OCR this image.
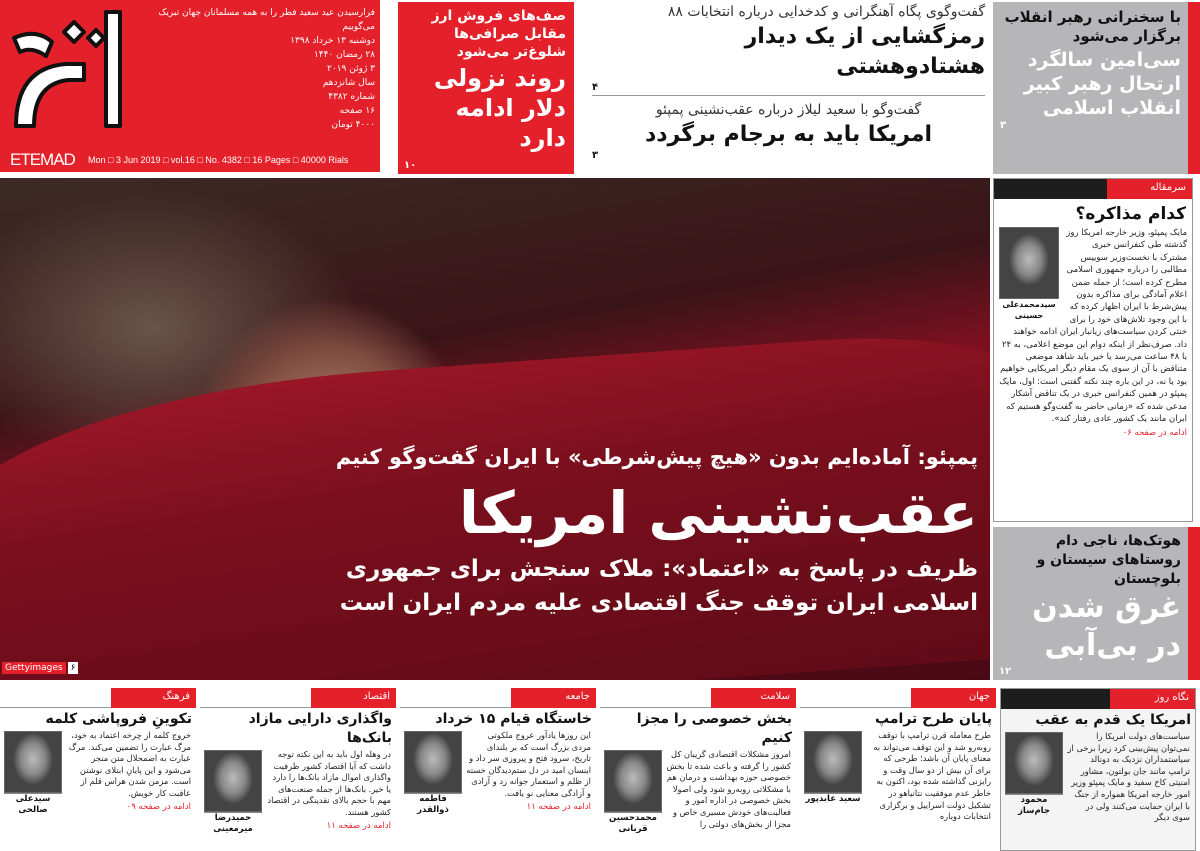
فرارسیدن عید سعید فطر را به همه مسلمانان جهان تبریک می‌گوییم
دوشنبه ۱۳ خرداد ۱۳۹۸
۲۸ رمضان ۱۴۴۰
۳ ژوئن ۲۰۱۹
سال شانزدهم
شماره ۴۳۸۲
۱۶ صفحه
۴۰۰۰ تومان
ETEMAD Mon □ 3 Jun 2019 □ vol.16 □ No. 4382 □ 16 Pages □ 40000 Rials
صف‌های فروش ارز مقابل صرافی‌ها شلوغ‌تر می‌شود
روند نزولی دلار ادامه دارد
۱۰
گفت‌وگوی پگاه آهنگرانی و کدخدایی درباره انتخابات ۸۸
رمزگشایی از یک دیدار هشتادوهشتی
۴
گفت‌وگو با سعید لیلاز درباره عقب‌نشینی پمپئو
امریکا باید به برجام برگردد
۳
با سخنرانی رهبر انقلاب برگزار می‌شود
سی‌امین سالگرد ارتحال رهبر کبیر انقلاب اسلامی
۳
پمپئو: آماده‌ایم بدون «هیچ پیش‌شرطی» با ایران گفت‌وگو کنیم
عقب‌نشینی امریکا
ظریف در پاسخ به «اعتماد»: ملاک سنجش برای جمهوری اسلامی ایران توقف جنگ اقتصادی علیه مردم ایران است
Gettyimages ۶
سرمقاله
کدام مذاکره؟
سیدمحمدعلی حسینی
مایک پمپئو، وزیر خارجه امریکا روز گذشته طی کنفرانس خبری مشترک با نخست‌وزیر سوییس مطالبی را درباره جمهوری اسلامی مطرح کرده است؛ از جمله ضمن اعلام آمادگی برای مذاکره بدون پیش‌شرط با ایران اظهار کرده که با این وجود تلاش‌های خود را برای خنثی کردن سیاست‌های زیانبار ایران ادامه خواهند داد. صرف‌نظر از اینکه دوام این موضع اعلامی، به ۲۴ یا ۴۸ ساعت می‌رسد یا خیر باید شاهد موضعی متناقض با آن از سوی یک مقام دیگر امریکایی خواهیم بود یا نه، در این باره چند نکته گفتنی است: اول، مایک پمپئو در همین کنفرانس خبری در یک تناقض آشکار مدعی شده که «زمانی حاضر به گفت‌وگو هستیم که ایران مانند یک کشور عادی رفتار کند».
ادامه در صفحه ۰۶
هوتک‌ها، ناجی دام روستاهای سیستان و بلوچستان
غرق شدن در بی‌آبی
۱۲
نگاه روز
امریکا یک قدم به عقب
محمود جام‌ساز
سیاست‌های دولت امریکا را نمی‌توان پیش‌بینی کرد زیرا برخی از سیاستمداران نزدیک به دونالد ترامپ مانند جان بولتون، مشاور امنیتی کاخ سفید و مایک پمپئو وزیر امور خارجه امریکا همواره از جنگ با ایران حمایت می‌کنند ولی در سوی دیگر
جهان
پایان طرح ترامپ
سعید عابدپور
طرح معامله قرن ترامپ با توقف روبه‌رو شد و این توقف می‌تواند به معنای پایان آن باشد؛ طرحی که برای آن بیش از دو سال وقت و رایزنی گذاشته شده بود، اکنون به خاطر عدم موفقیت نتانیاهو در تشکیل دولت اسراییل و برگزاری انتخابات دوباره
سلامت
بخش خصوصی را مجزا کنیم
محمدحسین قربانی
امروز مشکلات اقتصادی گریبان کل کشور را گرفته و باعث شده تا بخش خصوصی حوزه بهداشت و درمان هم با مشکلاتی روبه‌رو شود ولی اصولا بخش خصوصی در اداره امور و فعالیت‌های خودش مسیری خاص و مجزا از بخش‌های دولتی را
جامعه
خاستگاه قیام ۱۵ خرداد
فاطمه ذوالقدر
این روزها یادآور عروج ملکوتی مردی بزرگ است که بر بلندای تاریخ، سرود فتح و پیروزی سر داد و اینسان امید در دل ستم‌دیدگان خسته از ظلم و استعمار جوانه زد و آزادی و آزادگی معنایی نو یافت.
ادامه در صفحه ۱۱
اقتصاد
واگذاری دارایی مازاد بانک‌ها
حمیدرضا میرمعینی
در وهله اول باید به این نکته توجه داشت که آیا اقتصاد کشور ظرفیت واگذاری اموال مازاد بانک‌ها را دارد یا خیر. بانک‌ها از جمله صنعت‌های مهم با حجم بالای نقدینگی در اقتصاد کشور هستند.
ادامه در صفحه ۱۱
فرهنگ
تکوینِ فروپاشی کلمه
سیدعلی صالحی
خروج کلمه از چرخه اعتماد به خود، مرگ عبارت را تضمین می‌کند. مرگ عبارت به اضمحلال متن منجر می‌شود و این پایانِ ابتلای نوشتن است. مزمن شدن هراس قلم از عاقبت کار خویش.
ادامه در صفحه ۰۹
